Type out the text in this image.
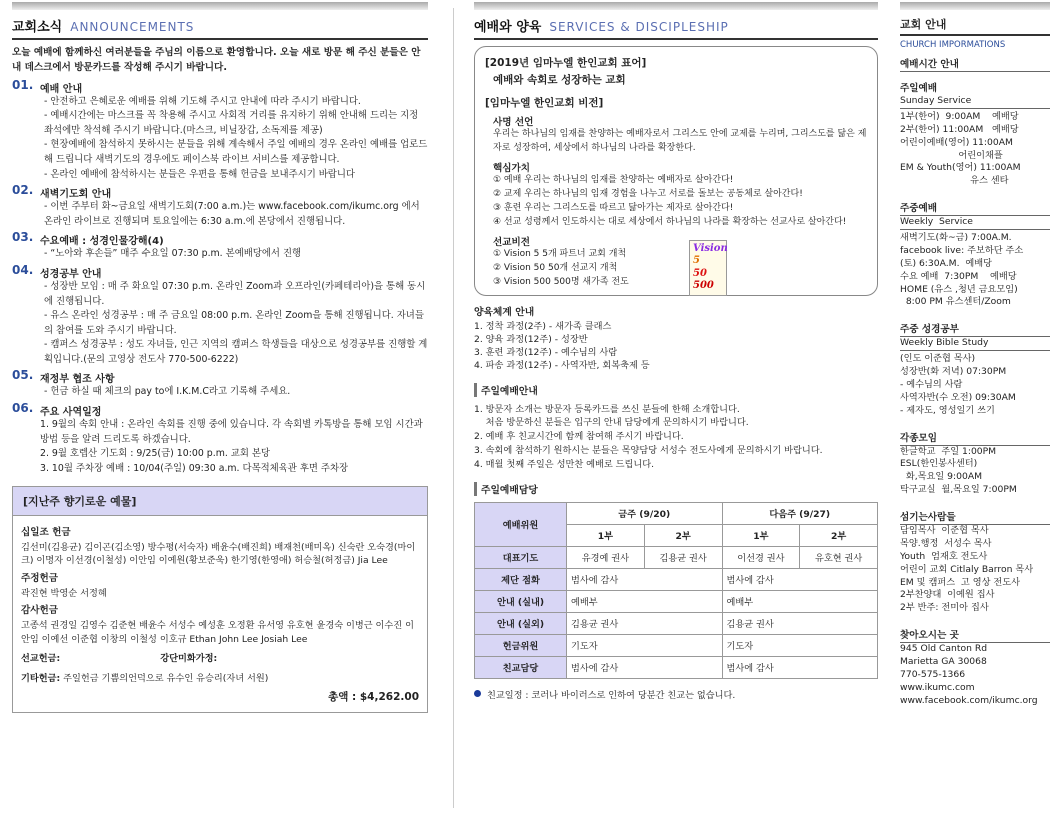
교회소식 ANNOUNCEMENTS
오늘 예배에 함께하신 여러분들을 주님의 이름으로 환영합니다. 오늘 새로 방문 해 주신 분들은 안내 데스크에서 방문카드를 작성해 주시기 바랍니다.
01. 예배 안내
- 안전하고 은혜로운 예배를 위해 기도해 주시고 안내에 따라 주시기 바랍니다.
- 예배시간에는 마스크를 꼭 착용해 주시고 사회적 거리를 유지하기 위해 안내해 드리는 지정 좌석에만 착석해 주시기 바랍니다.(마스크, 비닐장갑, 소독제를 제공)
- 현장예배에 참석하지 못하시는 분들을 위해 계속해서 주일 예배의 경우 온라인 예배를 업로드해 드립니다 새벽기도의 경우에도 페이스북 라이브 서비스를 제공합니다.
- 온라인 예배에 참석하시는 분들은 우편을 통해 헌금을 보내주시기 바랍니다
02. 새벽기도회 안내
- 이번 주부터 화~금요일 새벽기도회(7:00 a.m.)는 www.facebook.com/ikumc.org 에서 온라인 라이브로 진행되며 토요일에는 6:30 a.m.에 본당에서 진행됩니다.
03. 수요예배 : 성경인물강해(4)
- “노아와 후손들” 매주 수요일 07:30 p.m. 본예배당에서 진행
04. 성경공부 안내
- 성장반 모임 : 매 주 화요일 07:30 p.m. 온라인 Zoom과 오프라인(카페테리아)을 통해 동시에 진행됩니다.
- 유스 온라인 성경공부 : 매 주 금요일 08:00 p.m. 온라인 Zoom을 통해 진행됩니다. 자녀들의 참여를 도와 주시기 바랍니다.
- 캠퍼스 성경공부 : 성도 자녀들, 인근 지역의 캠퍼스 학생들을 대상으로 성경공부를 진행할 계획입니다.(문의 고영상 전도사 770-500-6222)
05. 재정부 협조 사항
- 헌금 하실 때 체크의 pay to에 I.K.M.C라고 기록해 주세요.
06. 주요 사역일정
1. 9월의 속회 안내 : 온라인 속회를 진행 중에 있습니다. 각 속회별 카톡방을 통해 모임 시간과 방법 등을 알려 드리도록 하겠습니다.
2. 9월 호렙산 기도회 : 9/25(금) 10:00 p.m. 교회 본당
3. 10월 주차장 예배 : 10/04(주일) 09:30 a.m. 다목적체육관 후면 주차장
[지난주 향기로운 예물]
십일조 헌금
김선미(김용균) 김이곤(김소영) 방수평(서숙자) 배윤수(배진희) 배재천(배미옥) 신숙란 오숙경(마이크) 이명자 이선경(이철성) 이안임 이예원(황보준욱) 한기영(한영애) 허승철(허정금) Jia Lee
주정헌금
곽진현 박영순 서정혜
감사헌금
고종석 권경일 김영수 김준현 배윤수 서성수 예성훈 오정환 유서영 유호현 윤경숙 이병근 이수진 이안임 이예선 이준협 이창의 이철성 이호규 Ethan John Lee Josiah Lee
선교헌금:	강단미화가정:
기타헌금: 주일헌금 기쁨의언덕으로 유수인 유승리(자녀 서원)
총액 : $4,262.00
예배와 양육 SERVICES & DISCIPLESHIP
[2019년 임마누엘 한인교회 표어]
예배와 속회로 성장하는 교회
[임마누엘 한인교회 비전]
사명 선언

우리는 하나님의 임재를 찬양하는 예배자로서 그리스도 안에 교제를 누리며, 그리스도를 닮은 제자로 성장하여, 세상에서 하나님의 나라를 확장한다.

핵심가치

① 예배 우리는 하나님의 임재를 찬양하는 예배자로 살아간다!

② 교제 우리는 하나님의 임재 경험을 나누고 서로를 돌보는 공동체로 살아간다!

③ 훈련 우리는 그리스도를 따르고 닮아가는 제자로 살아간다!

④ 선교 성령께서 인도하시는 대로 세상에서 하나님의 나라를 확장하는 선교사로 살아간다!

선교비전

① Vision 5 5개 파트너 교회 개척

② Vision 50 50개 선교지 개척

③ Vision 500 500명 새가족 전도

Vision
5
50
500
양육체계 안내
1. 정착 과정(2주) - 새가족 클래스
2. 양육 과정(12주) - 성장반
3. 훈련 과정(12주) - 예수님의 사람
4. 파송 과정(12주) - 사역자반, 회복축제 등
주일예배안내
1. 방문자 소개는 방문자 등록카드를 쓰신 분들에 한해 소개합니다.
처음 방문하신 분들은 입구의 안내 담당에게 문의하시기 바랍니다.
2. 예배 후 친교시간에 함께 참여해 주시기 바랍니다.
3. 속회에 참석하기 원하시는 분들은 목양담당 서성수 전도사에게 문의하시기 바랍니다.
4. 매월 첫째 주일은 성만찬 예배로 드립니다.
주일예배담당
예배위원	금주 (9/20)		다음주 (9/27)	
	1부	2부	1부	2부
대표기도	유경예 권사	김용균 권사	이선경 권사	유호현 권사
제단 점화	범사에 감사		범사에 감사	
안내 (실내)	예배부		예배부	
안내 (실외)	김용균 권사		김용균 권사	
헌금위원	기도자		기도자	
친교담당	범사에 감사		범사에 감사	
친교일정 : 코러나 바이러스로 인하여 당분간 친교는 없습니다.
교회 안내
CHURCH IMPORMATIONS
예배시간 안내
주일예배
Sunday Service
1부(한어)  9:00AM    예배당
2부(한어) 11:00AM   예배당
어린이예배(영어) 11:00AM
어린이채플
EM & Youth(영어) 11:00AM
유스 센타
주중예배
Weekly  Service
새벽기도(화~금) 7:00A.M.
facebook live: 주보하단 주소
(토) 6:30A.M.  예배당
수요 예배  7:30PM    예배당
HOME (유스 ,청년 금요모임)
8:00 PM 유스센터/Zoom
주중 성경공부
Weekly Bible Study
(인도 이준협 목사)
성장반(화 저녁) 07:30PM
- 예수님의 사람
사역자반(수 오전) 09:30AM
- 제자도, 영성일기 쓰기
각종모임
한글학교  주일 1:00PM
ESL(한인봉사센터)
화,목요일 9:00AM
탁구교실  월,목요일 7:00PM
섬기는사람들
담임목사  이준협 목사
목양.행정  서성수 목사
Youth  엄재호 전도사
어린이 교회 Citlaly Barron 목사
EM 및 캠퍼스  고 영상 전도사
2부찬양대  이예원 집사
2부 반주: 전미아 집사
찾아오시는 곳
945 Old Canton Rd
Marietta GA 30068
770-575-1366
www.ikumc.com
www.facebook.com/ikumc.org
